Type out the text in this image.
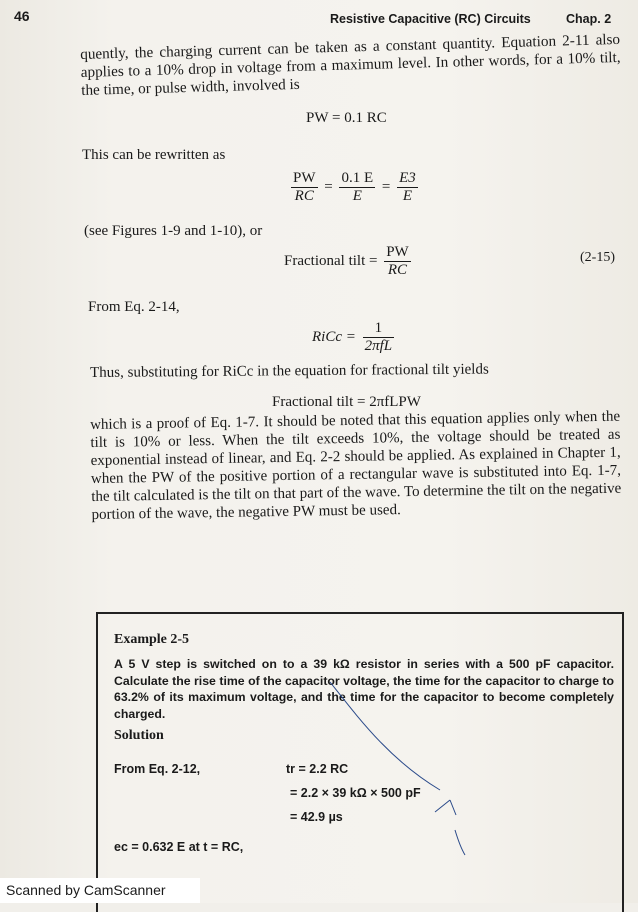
46	Resistive Capacitive (RC) Circuits	Chap. 2
quently, the charging current can be taken as a constant quantity. Equation 2-11 also applies to a 10% drop in voltage from a maximum level. In other words, for a 10% tilt, the time, or pulse width, involved is
PW = 0.1 RC
This can be rewritten as
$\frac{PW}{RC} = \frac{0.1 E}{E} = \frac{E3}{E}$
(see Figures 1-9 and 1-10), or
Fractional tilt = $\frac{PW}{RC}$	(2-15)
From Eq. 2-14,
RiCc = $\frac{1}{\text{2πfL}}$
Thus, substituting for RiCc in the equation for fractional tilt yields
Fractional tilt = 2πfLPW
which is a proof of Eq. 1-7. It should be noted that this equation applies only when the tilt is 10% or less. When the tilt exceeds 10%, the voltage should be treated as exponential instead of linear, and Eq. 2-2 should be applied. As explained in Chapter 1, when the PW of the positive portion of a rectangular wave is substituted into Eq. 1-7, the tilt calculated is the tilt on that part of the wave. To determine the tilt on the negative portion of the wave, the negative PW must be used.
Example 2-5
A 5 V step is switched on to a 39 kΩ resistor in series with a 500 pF capacitor. Calculate the rise time of the capacitor voltage, the time for the capacitor to charge to 63.2% of its maximum voltage, and the time for the capacitor to become completely charged.
Solution
From Eq. 2-12,	tr = 2.2 RC
= 2.2 × 39 kΩ × 500 pF
= 42.9 µs
ec = 0.632 E at t = RC,
Scanned by CamScanner
